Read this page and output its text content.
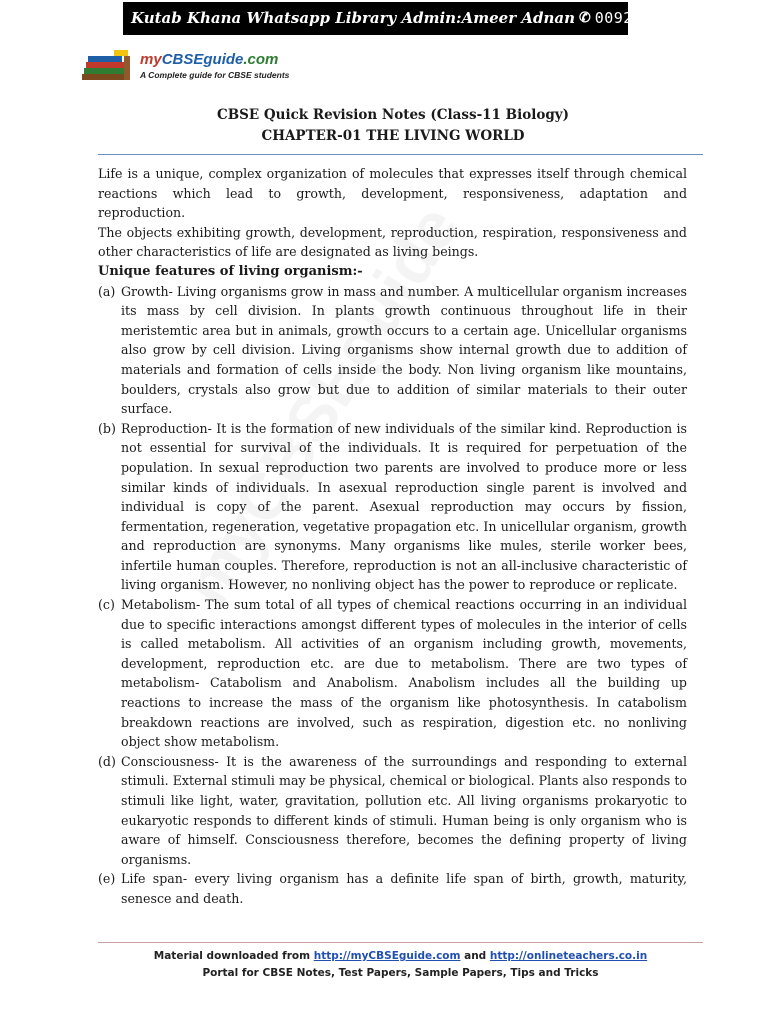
Kutab Khana Whatsapp Library
Admin:Ameer Adnan ✆ 00923337516944
myCBSEguide.com
A Complete guide for CBSE students
CBSE Quick Revision Notes (Class-11 Biology)
CHAPTER-01 THE LIVING WORLD

Life is a unique, complex organization of molecules that expresses itself through chemical reactions which lead to growth, development, responsiveness, adaptation and reproduction.

The objects exhibiting growth, development, reproduction, respiration, responsiveness and other characteristics of life are designated as living beings.

Unique features of living organism:-
(a) Growth- Living organisms grow in mass and number. A multicellular organism increases its mass by cell division. In plants growth continuous throughout life in their meristemtic area but in animals, growth occurs to a certain age. Unicellular organisms also grow by cell division. Living organisms show internal growth due to addition of materials and formation of cells inside the body. Non living organism like mountains, boulders, crystals also grow but due to addition of similar materials to their outer surface.

(b) Reproduction- It is the formation of new individuals of the similar kind. Reproduction is not essential for survival of the individuals. It is required for perpetuation of the population. In sexual reproduction two parents are involved to produce more or less similar kinds of individuals. In asexual reproduction single parent is involved and individual is copy of the parent. Asexual reproduction may occurs by fission, fermentation, regeneration, vegetative propagation etc. In unicellular organism, growth and reproduction are synonyms. Many organisms like mules, sterile worker bees, infertile human couples. Therefore, reproduction is not an all-inclusive characteristic of living organism. However, no nonliving object has the power to reproduce or replicate.

(c) Metabolism- The sum total of all types of chemical reactions occurring in an individual due to specific interactions amongst different types of molecules in the interior of cells is called metabolism. All activities of an organism including growth, movements, development, reproduction etc. are due to metabolism. There are two types of metabolism- Catabolism and Anabolism. Anabolism includes all the building up reactions to increase the mass of the organism like photosynthesis. In catabolism breakdown reactions are involved, such as respiration, digestion etc. no nonliving object show metabolism.

(d) Consciousness- It is the awareness of the surroundings and responding to external stimuli. External stimuli may be physical, chemical or biological. Plants also responds to stimuli like light, water, gravitation, pollution etc. All living organisms prokaryotic to eukaryotic responds to different kinds of stimuli. Human being is only organism who is aware of himself. Consciousness therefore, becomes the defining property of living organisms.

(e) Life span- every living organism has a definite life span of birth, growth, maturity, senesce and death.

Material downloaded from http://myCBSEguide.com and http://onlineteachers.co.in
Portal for CBSE Notes, Test Papers, Sample Papers, Tips and Tricks
